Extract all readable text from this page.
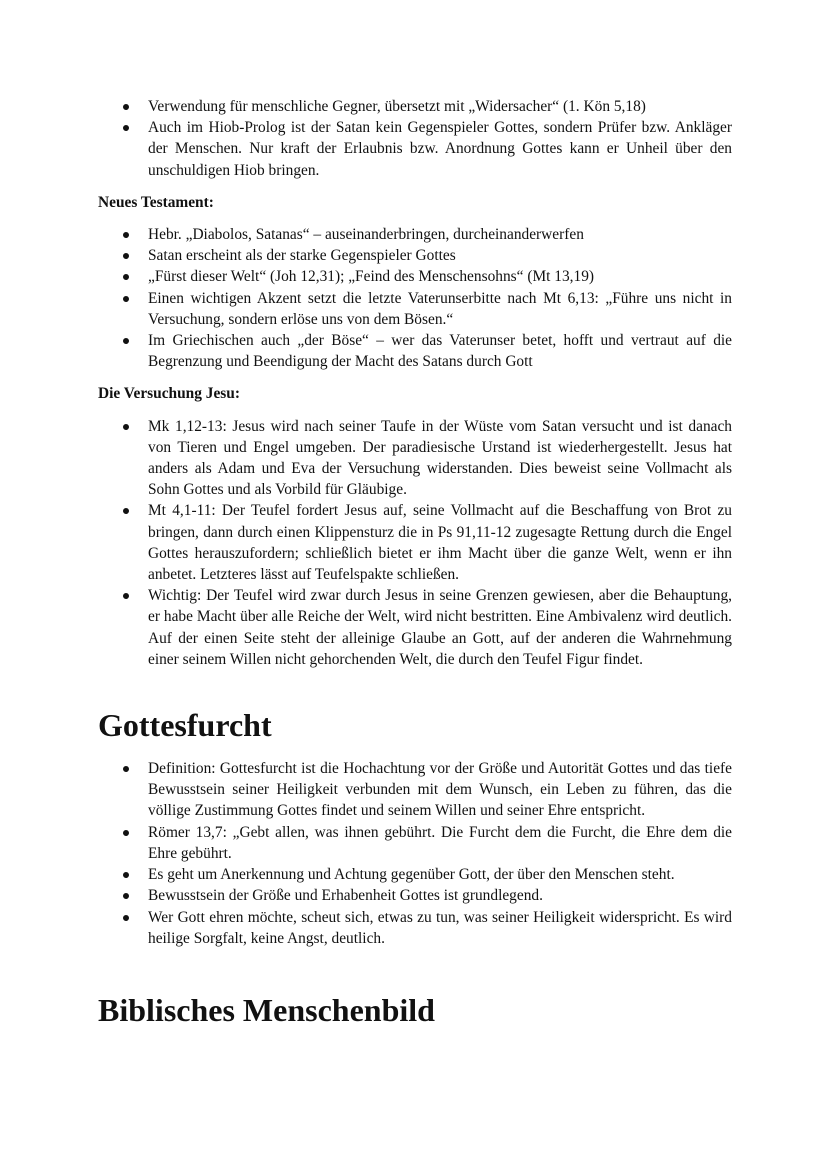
Verwendung für menschliche Gegner, übersetzt mit „Widersacher“ (1. Kön 5,18)
Auch im Hiob-Prolog ist der Satan kein Gegenspieler Gottes, sondern Prüfer bzw. Ankläger der Menschen. Nur kraft der Erlaubnis bzw. Anordnung Gottes kann er Unheil über den unschuldigen Hiob bringen.
Neues Testament:
Hebr. „Diabolos, Satanas“ – auseinanderbringen, durcheinanderwerfen
Satan erscheint als der starke Gegenspieler Gottes
„Fürst dieser Welt“ (Joh 12,31); „Feind des Menschensohns“ (Mt 13,19)
Einen wichtigen Akzent setzt die letzte Vaterunserbitte nach Mt 6,13: „Führe uns nicht in Versuchung, sondern erlöse uns von dem Bösen.“
Im Griechischen auch „der Böse“ – wer das Vaterunser betet, hofft und vertraut auf die Begrenzung und Beendigung der Macht des Satans durch Gott
Die Versuchung Jesu:
Mk 1,12-13: Jesus wird nach seiner Taufe in der Wüste vom Satan versucht und ist danach von Tieren und Engel umgeben. Der paradiesische Urstand ist wiederhergestellt. Jesus hat anders als Adam und Eva der Versuchung widerstanden. Dies beweist seine Vollmacht als Sohn Gottes und als Vorbild für Gläubige.
Mt 4,1-11: Der Teufel fordert Jesus auf, seine Vollmacht auf die Beschaffung von Brot zu bringen, dann durch einen Klippensturz die in Ps 91,11-12 zugesagte Rettung durch die Engel Gottes herauszufordern; schließlich bietet er ihm Macht über die ganze Welt, wenn er ihn anbetet. Letzteres lässt auf Teufelspakte schließen.
Wichtig: Der Teufel wird zwar durch Jesus in seine Grenzen gewiesen, aber die Behauptung, er habe Macht über alle Reiche der Welt, wird nicht bestritten. Eine Ambivalenz wird deutlich. Auf der einen Seite steht der alleinige Glaube an Gott, auf der anderen die Wahrnehmung einer seinem Willen nicht gehorchenden Welt, die durch den Teufel Figur findet.
Gottesfurcht
Definition: Gottesfurcht ist die Hochachtung vor der Größe und Autorität Gottes und das tiefe Bewusstsein seiner Heiligkeit verbunden mit dem Wunsch, ein Leben zu führen, das die völlige Zustimmung Gottes findet und seinem Willen und seiner Ehre entspricht.
Römer 13,7: „Gebt allen, was ihnen gebührt. Die Furcht dem die Furcht, die Ehre dem die Ehre gebührt.
Es geht um Anerkennung und Achtung gegenüber Gott, der über den Menschen steht.
Bewusstsein der Größe und Erhabenheit Gottes ist grundlegend.
Wer Gott ehren möchte, scheut sich, etwas zu tun, was seiner Heiligkeit widerspricht. Es wird heilige Sorgfalt, keine Angst, deutlich.
Biblisches Menschenbild
